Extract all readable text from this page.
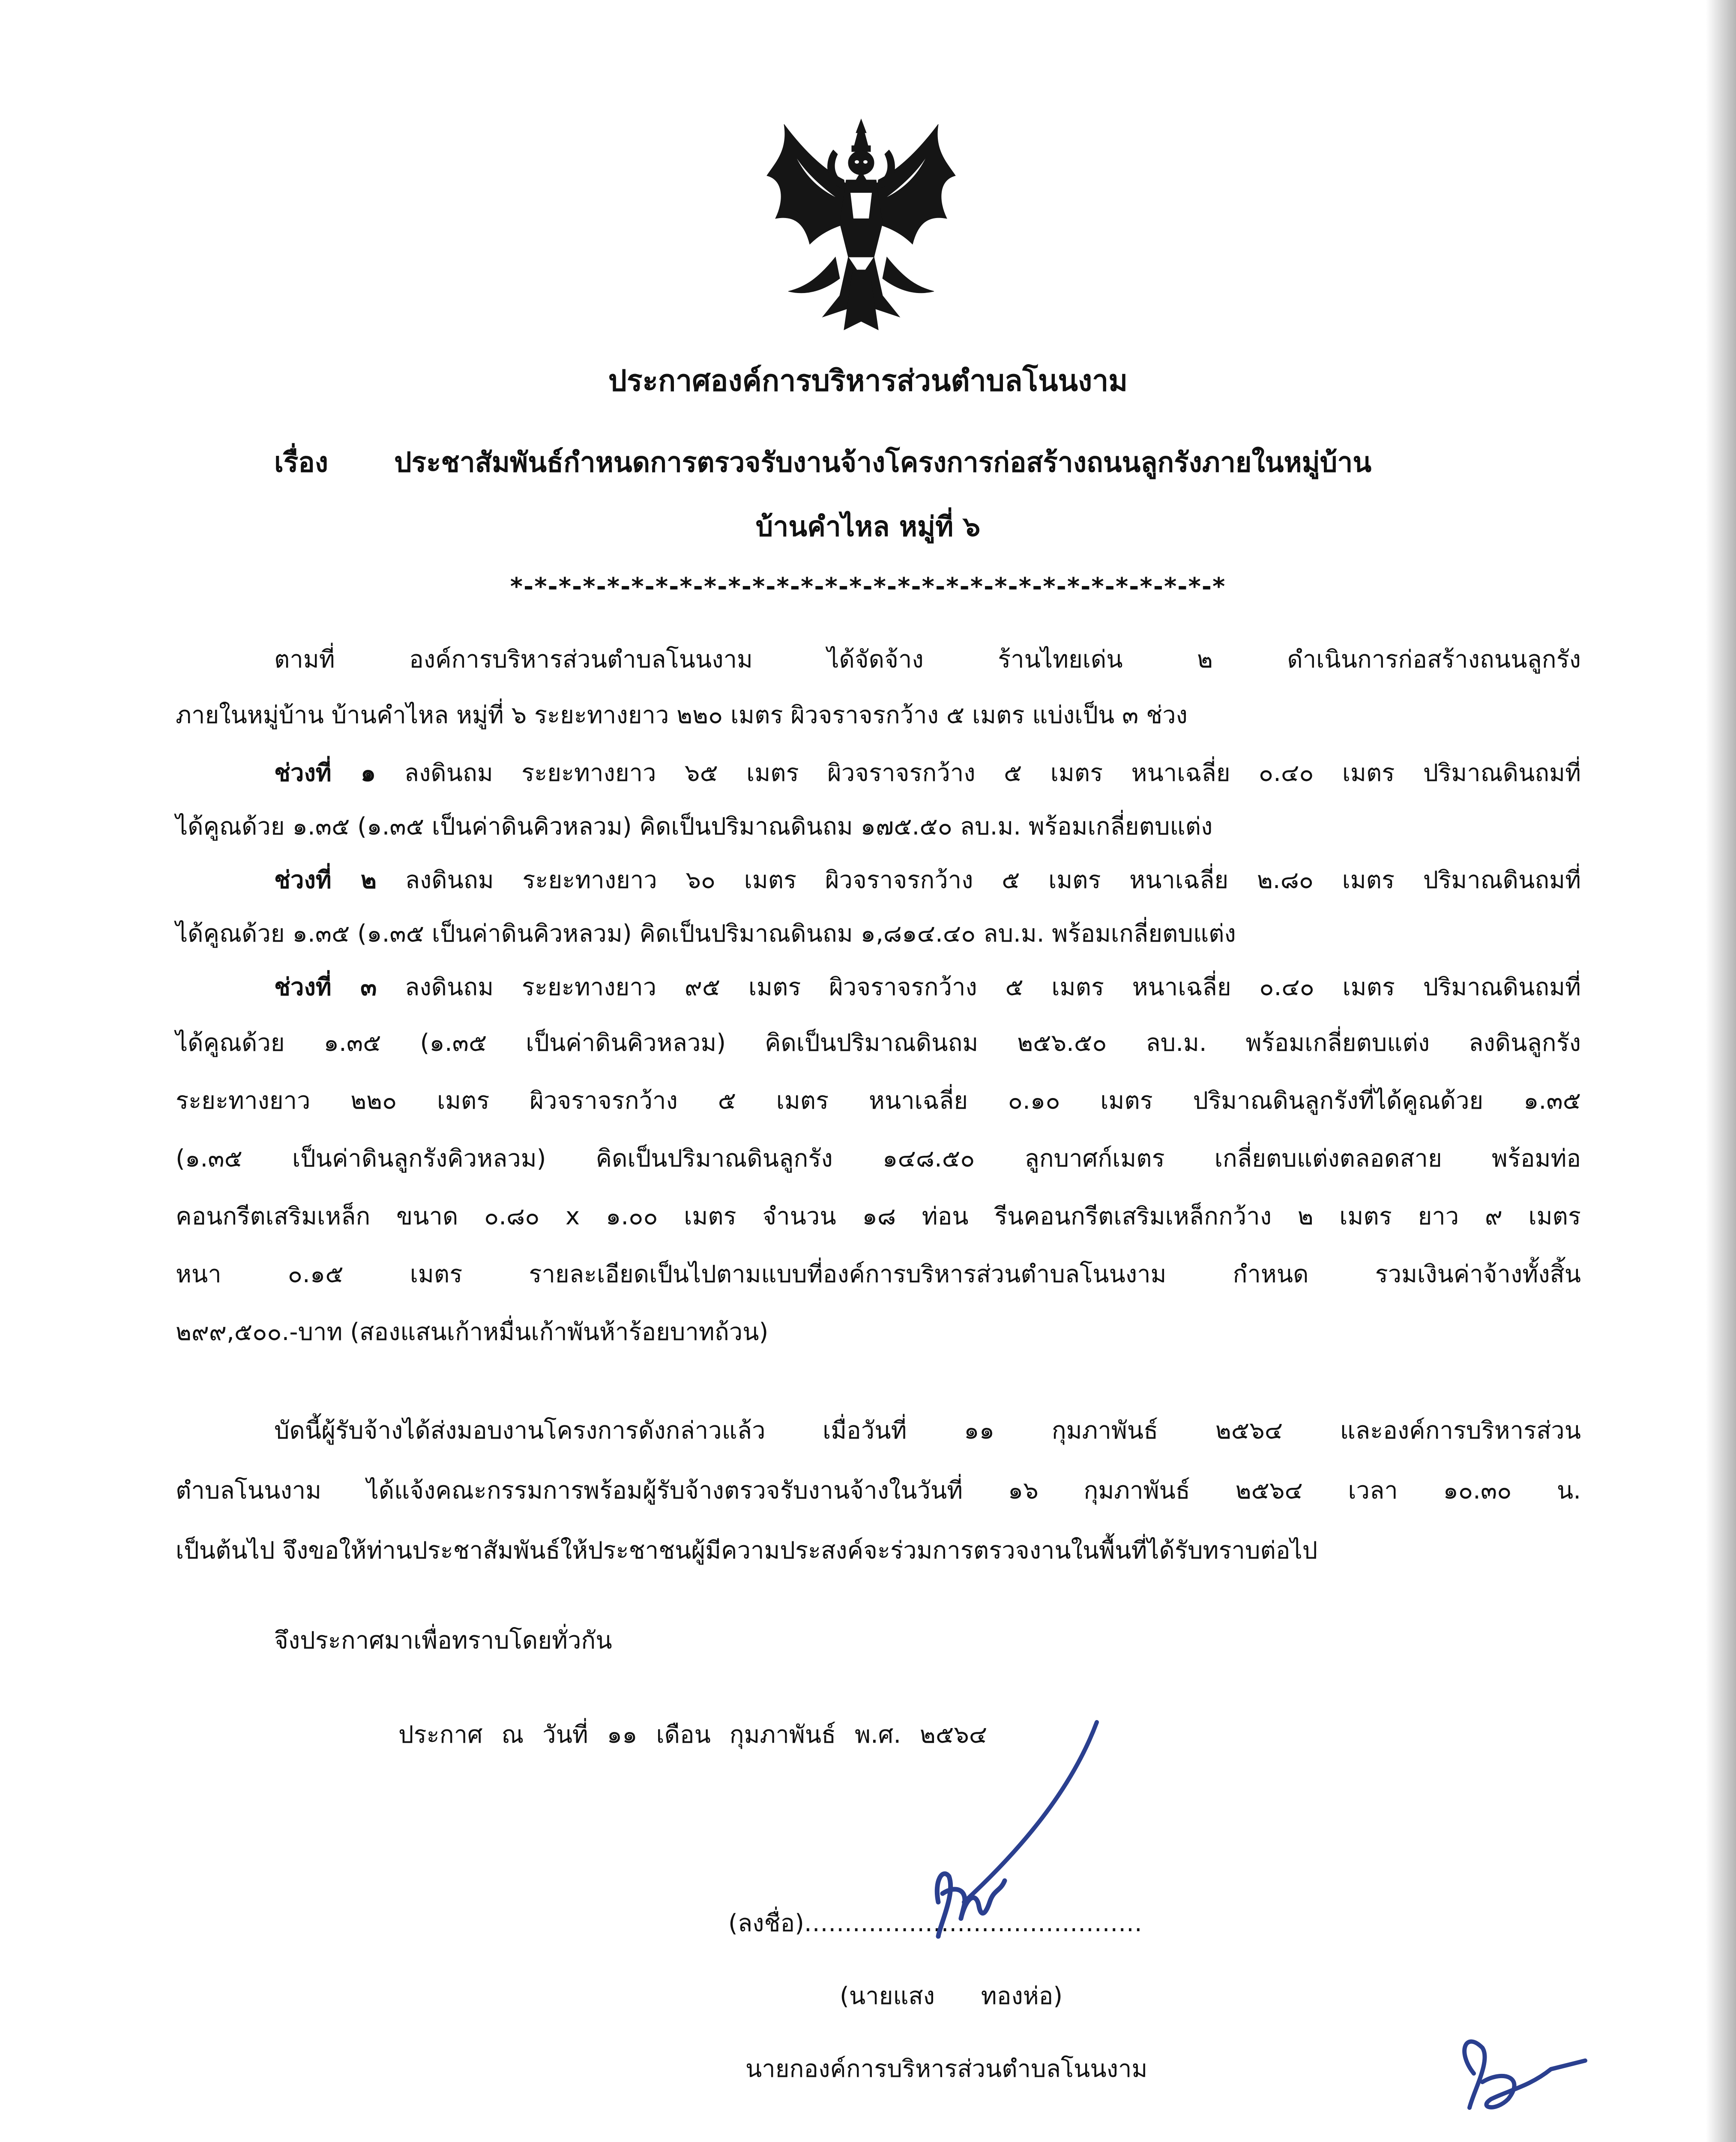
ประกาศองค์การบริหารส่วนตำบลโนนงาม
เรื่อง ประชาสัมพันธ์กำหนดการตรวจรับงานจ้างโครงการก่อสร้างถนนลูกรังภายในหมู่บ้าน
บ้านคำไหล หมู่ที่ ๖
*-*-*-*-*-*-*-*-*-*-*-*-*-*-*-*-*-*-*-*-*-*-*-*-*-*-*-*-*-*
ตามที่ องค์การบริหารส่วนตำบลโนนงาม ได้จัดจ้าง ร้านไทยเด่น ๒ ดำเนินการก่อสร้างถนนลูกรัง
ภายในหมู่บ้าน บ้านคำไหล หมู่ที่ ๖ ระยะทางยาว ๒๒๐ เมตร ผิวจราจรกว้าง ๕ เมตร แบ่งเป็น ๓ ช่วง
ช่วงที่ ๑ ลงดินถม ระยะทางยาว ๖๕ เมตร ผิวจราจรกว้าง ๕ เมตร หนาเฉลี่ย ๐.๔๐ เมตร ปริมาณดินถมที่
ได้คูณด้วย ๑.๓๕ (๑.๓๕ เป็นค่าดินคิวหลวม) คิดเป็นปริมาณดินถม ๑๗๕.๕๐ ลบ.ม. พร้อมเกลี่ยตบแต่ง
ช่วงที่ ๒ ลงดินถม ระยะทางยาว ๖๐ เมตร ผิวจราจรกว้าง ๕ เมตร หนาเฉลี่ย ๒.๘๐ เมตร ปริมาณดินถมที่
ได้คูณด้วย ๑.๓๕ (๑.๓๕ เป็นค่าดินคิวหลวม) คิดเป็นปริมาณดินถม ๑,๘๑๔.๔๐ ลบ.ม. พร้อมเกลี่ยตบแต่ง
ช่วงที่ ๓ ลงดินถม ระยะทางยาว ๙๕ เมตร ผิวจราจรกว้าง ๕ เมตร หนาเฉลี่ย ๐.๔๐ เมตร ปริมาณดินถมที่
ได้คูณด้วย ๑.๓๕ (๑.๓๕ เป็นค่าดินคิวหลวม) คิดเป็นปริมาณดินถม ๒๕๖.๕๐ ลบ.ม. พร้อมเกลี่ยตบแต่ง ลงดินลูกรัง
ระยะทางยาว ๒๒๐ เมตร ผิวจราจรกว้าง ๕ เมตร หนาเฉลี่ย ๐.๑๐ เมตร ปริมาณดินลูกรังที่ได้คูณด้วย ๑.๓๕
(๑.๓๕ เป็นค่าดินลูกรังคิวหลวม) คิดเป็นปริมาณดินลูกรัง ๑๔๘.๕๐ ลูกบาศก์เมตร เกลี่ยตบแต่งตลอดสาย พร้อมท่อ
คอนกรีตเสริมเหล็ก ขนาด ๐.๘๐ x ๑.๐๐ เมตร จำนวน ๑๘ ท่อน รีนคอนกรีตเสริมเหล็กกว้าง ๒ เมตร ยาว ๙ เมตร
หนา ๐.๑๕ เมตร รายละเอียดเป็นไปตามแบบที่องค์การบริหารส่วนตำบลโนนงาม กำหนด รวมเงินค่าจ้างทั้งสิ้น
๒๙๙,๕๐๐.-บาท (สองแสนเก้าหมื่นเก้าพันห้าร้อยบาทถ้วน)
บัดนี้ผู้รับจ้างได้ส่งมอบงานโครงการดังกล่าวแล้ว เมื่อวันที่ ๑๑ กุมภาพันธ์ ๒๕๖๔ และองค์การบริหารส่วน
ตำบลโนนงาม ได้แจ้งคณะกรรมการพร้อมผู้รับจ้างตรวจรับงานจ้างในวันที่ ๑๖ กุมภาพันธ์ ๒๕๖๔ เวลา ๑๐.๓๐ น.
เป็นต้นไป จึงขอให้ท่านประชาสัมพันธ์ให้ประชาชนผู้มีความประสงค์จะร่วมการตรวจงานในพื้นที่ได้รับทราบต่อไป
จึงประกาศมาเพื่อทราบโดยทั่วกัน
ประกาศ ณ วันที่ ๑๑ เดือน กุมภาพันธ์ พ.ศ. ๒๕๖๔
(ลงชื่อ)..........................................
(นายแสง ทองห่อ)
นายกองค์การบริหารส่วนตำบลโนนงาม
